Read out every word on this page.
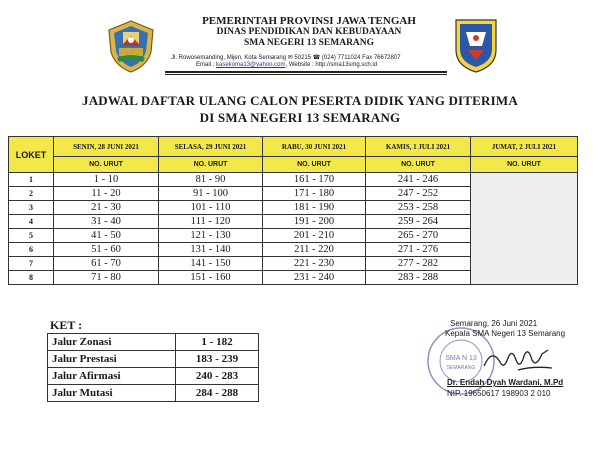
PEMERINTAH PROVINSI JAWA TENGAH
DINAS PENDIDIKAN DAN KEBUDAYAAN
SMA NEGERI 13 SEMARANG
Jl. Rowosemanding, Mijen, Kota Semarang ✉ 50215 ☎ (024) 7711024 Fax 76672807
Email : kasekoma13@yahoo.com, Website : http://sma13smg.sch.id
JADWAL DAFTAR ULANG CALON PESERTA DIDIK YANG DITERIMA
DI SMA NEGERI 13 SEMARANG
LOKET	SENIN, 28 JUNI 2021	SELASA, 29 JUNI 2021	RABU, 30 JUNI 2021	KAMIS, 1 JULI 2021	JUMAT, 2 JULI 2021
	NO. URUT	NO. URUT	NO. URUT	NO. URUT	NO. URUT
1	1 - 10	81 - 90	161 - 170	241 - 246	
2	11 - 20	91 - 100	171 - 180	247 - 252	
3	21 - 30	101 - 110	181 - 190	253 - 258	
4	31 - 40	111 - 120	191 - 200	259 - 264	
5	41 - 50	121 - 130	201 - 210	265 - 270	
6	51 - 60	131 - 140	211 - 220	271 - 276	
7	61 - 70	141 - 150	221 - 230	277 - 282	
8	71 - 80	151 - 160	231 - 240	283 - 288	
KET :
Jalur Zonasi	1 - 182
Jalur Prestasi	183 - 239
Jalur Afirmasi	240 - 283
Jalur Mutasi	284 - 288
SMA N 13
SEMARANG
Semarang, 26 Juni 2021
Kepala SMA Negeri 13 Semarang
Dr. Endah Dyah Wardani, M.Pd
NIP. 19650617 198903 2 010
